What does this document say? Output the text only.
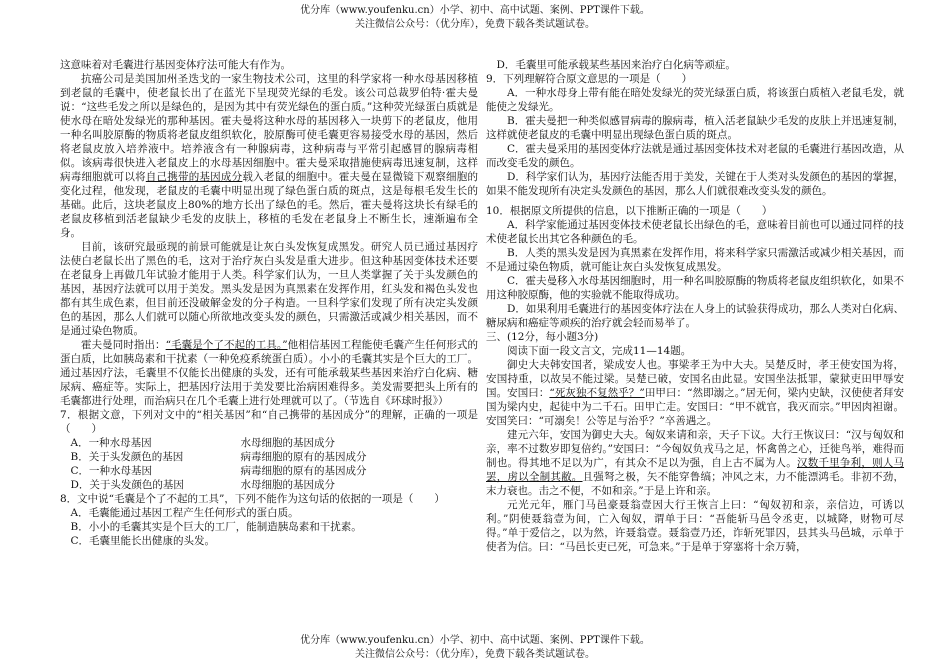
优分库（www.youfenku.cn）小学、初中、高中试题、案例、PPT课件下载。
关注微信公众号：（优分库），免费下载各类试题试卷。

这意味着对毛囊进行基因变体疗法可能大有作为。

抗癌公司是美国加州圣迭戈的一家生物技术公司，这里的科学家将一种水母基因移植到老鼠的毛囊中，使老鼠长出了在蓝光下呈现荧光绿的毛发。该公司总裁罗伯特·霍夫曼说：“这些毛发之所以是绿色的，是因为其中有荧光绿色的蛋白质。”这种荧光绿蛋白质就是使水母在暗处发绿光的那种基因。霍夫曼将这种水母的基因移入一块剪下的老鼠皮，他用一种名叫胶原酶的物质将老鼠皮组织软化，胶原酶可使毛囊更容易接受水母的基因，然后将老鼠皮放入培养液中。培养液含有一种腺病毒，这种病毒与平常引起感冒的腺病毒相似。该病毒很快进入老鼠皮上的水母基因细胞中。霍夫曼采取措施使病毒迅速复制，这样病毒细胞就可以将自己携带的基因成分载入老鼠的细胞中。霍夫曼在显微镜下观察细胞的变化过程，他发现，老鼠皮的毛囊中明显出现了绿色蛋白质的斑点，这是每根毛发生长的基础。此后，这块老鼠皮上80%的地方长出了绿色的毛。然后，霍夫曼将这块长有绿毛的老鼠皮移植到活老鼠缺少毛发的皮肤上，移植的毛发在老鼠身上不断生长，速渐遍布全身。

目前，该研究最亟现的前景可能就是让灰白头发恢复成黑发。研究人员已通过基因疗法使白老鼠长出了黑色的毛，这对于治疗灰白头发是重大进步。但这种基因变体技术还要在老鼠身上再做几年试验才能用于人类。科学家们认为，一旦人类掌握了关于头发颜色的基因，基因疗法就可以用于美发。黑头发是因为真黑素在发挥作用，红头发和褐色头发也都有其生成色素，但目前还没破解金发的分子构造。一旦科学家们发现了所有决定头发颜色的基因，那么人们就可以随心所欲地改变头发的颜色，只需激活或减少相关基因，而不是通过染色物质。

霍夫曼同时指出：“毛囊是个了不起的工具。”他相信基因工程能使毛囊产生任何形式的蛋白质，比如胰岛素和干扰素（一种免疫系统蛋白质）。小小的毛囊其实是个巨大的工厂。通过基因疗法，毛囊里不仅能长出健康的头发，还有可能承载某些基因来治疗白化病、糖尿病、癌症等。实际上，把基因疗法用于美发要比治病困难得多。美发需要把头上所有的毛囊都进行处理，而治病只在几个毛囊上进行处理就可以了。（节选自《环球时报》）

7．根据文意，下列对文中的“相关基因”和“自己携带的基因成分”的理解，正确的一项是（　　）

A．一种水母基因	水母细胞的基因成分
B．关于头发颜色的基因	病毒细胞的原有的基因成分
C．一种水母基因	病毒细胞的原有的基因成分
D．关于头发颜色的基因	水母细胞的基因成分

8．文中说“毛囊是个了不起的工具”，下列不能作为这句话的依据的一项是（　　）

A．毛囊能通过基因工程产生任何形式的蛋白质。

B．小小的毛囊其实是个巨大的工厂，能制造胰岛素和干扰素。

C．毛囊里能长出健康的头发。

D．毛囊里可能承载某些基因来治疗白化病等顽症。

9．下列理解符合原文意思的一项是（　　）

A．一种水母身上带有能在暗处发绿光的荧光绿蛋白质，将该蛋白质植入老鼠毛发，就能使之发绿光。

B．霍夫曼把一种类似感冒病毒的腺病毒，植入活老鼠缺少毛发的皮肤上并迅速复制，这样就使老鼠皮的毛囊中明显出现绿色蛋白质的斑点。

C．霍夫曼采用的基因变体疗法就是通过基因变体技术对老鼠的毛囊进行基因改造，从而改变毛发的颜色。

D．科学家们认为，基因疗法能否用于美发，关键在于人类对头发颜色的基因的掌握，如果不能发现所有决定头发颜色的基因，那么人们就很难改变头发的颜色。

10．根据原文所提供的信息，以下推断正确的一项是（　　）

A．科学家能通过基因变体技术使老鼠长出绿色的毛，意味着目前也可以通过同样的技术使老鼠长出其它各种颜色的毛。

B．人类的黑头发是因为真黑素在发挥作用，将来科学家只需激活或减少相关基因，而不是通过染色物质，就可能让灰白头发恢复成黑发。

C．霍夫曼移入水母基因细胞时，用一种名叫胶原酶的物质将老鼠皮组织软化，如果不用这种胶原酶，他的实验就不能取得成功。

D．如果利用毛囊进行的基因变体疗法在人身上的试验获得成功，那么人类对白化病、糖尿病和癌症等顽疾的治疗就会轻而易举了。

三、(12分，每小题3分)

阅读下面一段文言文，完成11—14题。

御史大夫韩安国者，梁成安人也。事梁孝王为中大夫。吴楚反时，孝王使安国为将，安国持重，以故吴不能过梁。吴楚已破，安国名由此显。安国坐法抵罪，蒙狱吏田甲辱安国。安国曰：“死灰独不复然乎？”田甲曰：“然即溺之。”居无何，梁内史缺，汉使使者拜安国为梁内史，起徒中为二千石。田甲亡走。安国曰：“甲不就官，我灭而宗。”甲因肉袒谢。安国笑曰：“可溺矣！公等足与治乎？”卒善遇之。

建元六年，安国为御史大夫。匈奴来请和亲，天子下议。大行王恢议曰：“汉与匈奴和亲，率不过数岁即复倍约。”安国曰：“今匈奴负戎马之足，怀禽兽之心，迁徙鸟举，难得而制也。得其地不足以为广，有其众不足以为强，自上古不属为人。汉数千里争利，则人马罢，虏以全制其敝。且强弩之极，矢不能穿鲁缟；冲风之末，力不能漂鸿毛。非初不劲，末力衰也。击之不便，不如和亲。”于是上许和亲。

元光元年，雁门马邑豪聂翁壹因大行王恢言上曰：“匈奴初和亲，亲信边，可诱以利。”阴使聂翁壹为间，亡入匈奴，谓单于曰：“吾能斩马邑令丞吏，以城降，财物可尽得。”单于爱信之，以为然，许聂翁壹。聂翁壹乃还，诈斩死罪囚，县其头马邑城，示单于使者为信。曰：“马邑长吏已死，可急来。”于是单于穿塞将十余万骑，

优分库（www.youfenku.cn）小学、初中、高中试题、案例、PPT课件下载。
关注微信公众号：（优分库），免费下载各类试题试卷。
